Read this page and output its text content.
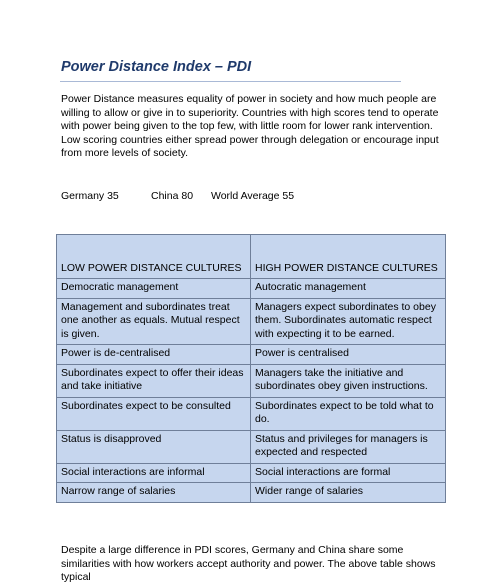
Power Distance Index – PDI

Power Distance measures equality of power in society and how much people are willing to allow or give in to superiority. Countries with high scores tend to operate with power being given to the top few, with little room for lower rank intervention. Low scoring countries either spread power through delegation or encourage input from more levels of society.

Germany 35	China 80 World Average 55
LOW POWER DISTANCE CULTURES	HIGH POWER DISTANCE CULTURES
Democratic management	Autocratic management
Management and subordinates treat one another as equals. Mutual respect is given.	Managers expect subordinates to obey them. Subordinates automatic respect with expecting it to be earned.
Power is de-centralised	Power is centralised
Subordinates expect to offer their ideas and take initiative	Managers take the initiative and subordinates obey given instructions.
Subordinates expect to be consulted	Subordinates expect to be told what to do.
Status is disapproved	Status and privileges for managers is expected and respected
Social interactions are informal	Social interactions are formal
Narrow range of salaries	Wider range of salaries

Despite a large difference in PDI scores, Germany and China share some similarities with how workers accept authority and power. The above table shows typical
